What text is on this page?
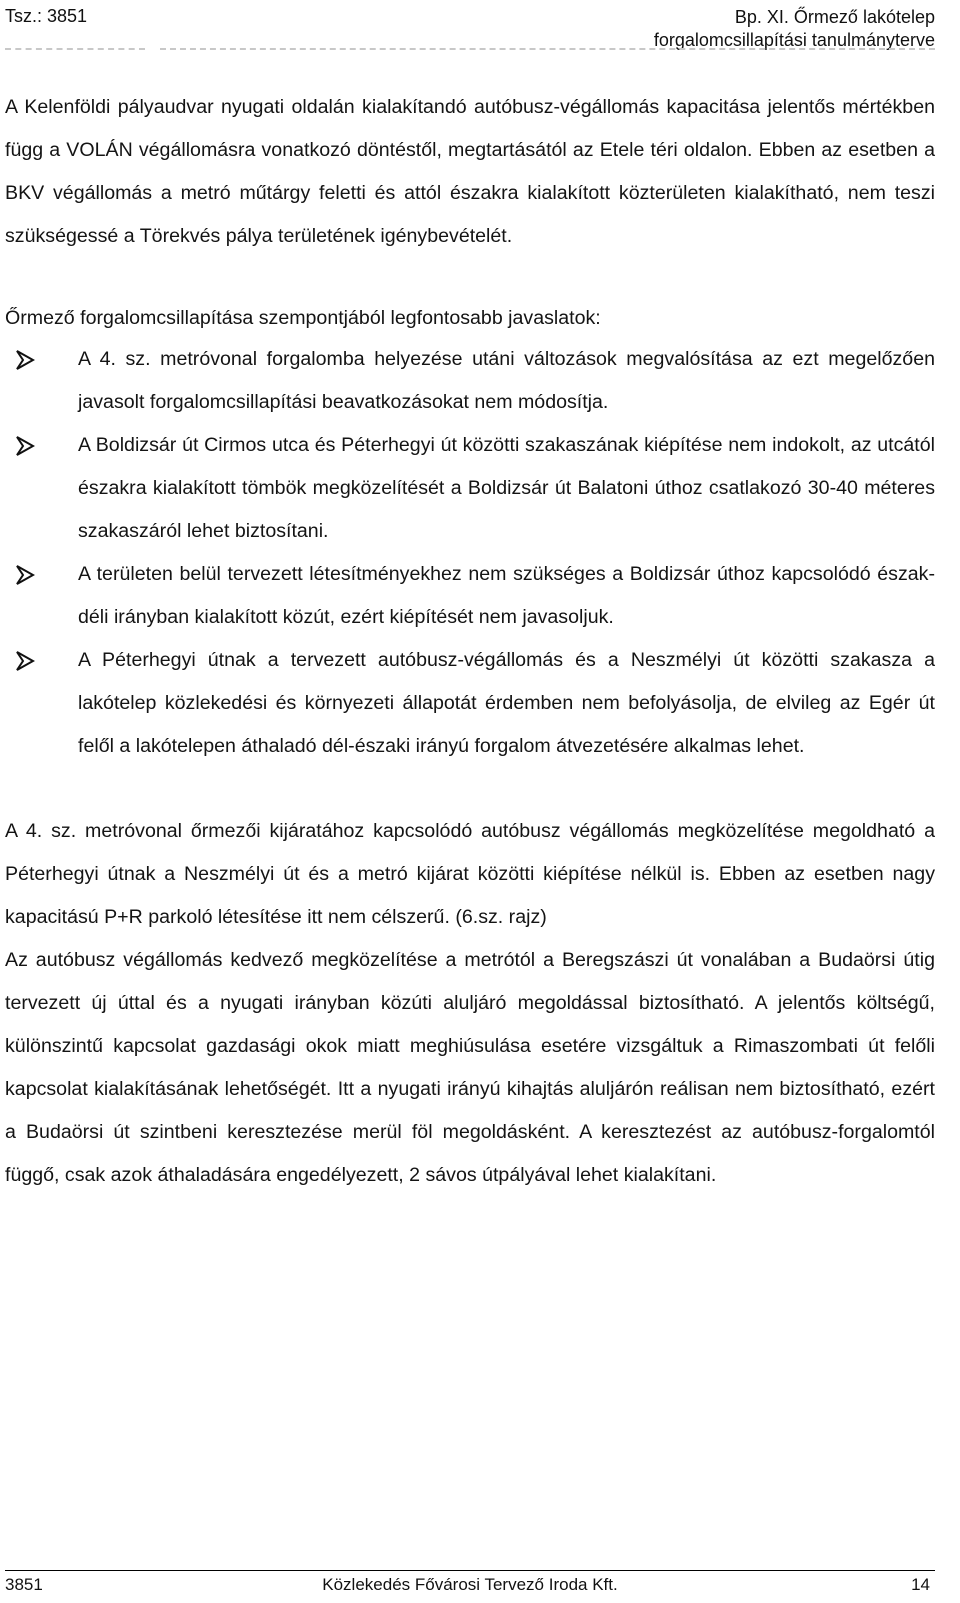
Tsz.: 3851	Bp. XI. Őrmező lakótelep
forgalomcsillapítási tanulmányterve

A Kelenföldi pályaudvar nyugati oldalán kialakítandó autóbusz-végállomás kapacitása jelentős mértékben függ a VOLÁN végállomásra vonatkozó döntéstől, megtartásától az Etele téri oldalon. Ebben az esetben a BKV végállomás a metró műtárgy feletti és attól északra kialakított közterületen kialakítható, nem teszi szükségessé a Törekvés pálya területének igénybevételét.

Őrmező forgalomcsillapítása szempontjából legfontosabb javaslatok:

A 4. sz. metróvonal forgalomba helyezése utáni változások megvalósítása az ezt megelőzően javasolt forgalomcsillapítási beavatkozásokat nem módosítja.
A Boldizsár út Cirmos utca és Péterhegyi út közötti szakaszának kiépítése nem indokolt, az utcától északra kialakított tömbök megközelítését a Boldizsár út Balatoni úthoz csatlakozó 30-40 méteres szakaszáról lehet biztosítani.
A területen belül tervezett létesítményekhez nem szükséges a Boldizsár úthoz kapcsolódó észak-déli irányban kialakított közút, ezért kiépítését nem javasoljuk.
A Péterhegyi útnak a tervezett autóbusz-végállomás és a Neszmélyi út közötti szakasza a lakótelep közlekedési és környezeti állapotát érdemben nem befolyásolja, de elvileg az Egér út felől a lakótelepen áthaladó dél-északi irányú forgalom átvezetésére alkalmas lehet.

A 4. sz. metróvonal őrmezői kijáratához kapcsolódó autóbusz végállomás megközelítése megoldható a Péterhegyi útnak a Neszmélyi út és a metró kijárat közötti kiépítése nélkül is. Ebben az esetben nagy kapacitású P+R parkoló létesítése itt nem célszerű. (6.sz. rajz)

Az autóbusz végállomás kedvező megközelítése a metrótól a Beregszászi út vonalában a Budaörsi útig tervezett új úttal és a nyugati irányban közúti aluljáró megoldással biztosítható. A jelentős költségű, különszintű kapcsolat gazdasági okok miatt meghiúsulása esetére vizsgáltuk a Rimaszombati út felőli kapcsolat kialakításának lehetőségét. Itt a nyugati irányú kihajtás aluljárón reálisan nem biztosítható, ezért a Budaörsi út szintbeni keresztezése merül föl megoldásként. A keresztezést az autóbusz-forgalomtól függő, csak azok áthaladására engedélyezett, 2 sávos útpályával lehet kialakítani.

3851	Közlekedés Fővárosi Tervező Iroda Kft.	14
